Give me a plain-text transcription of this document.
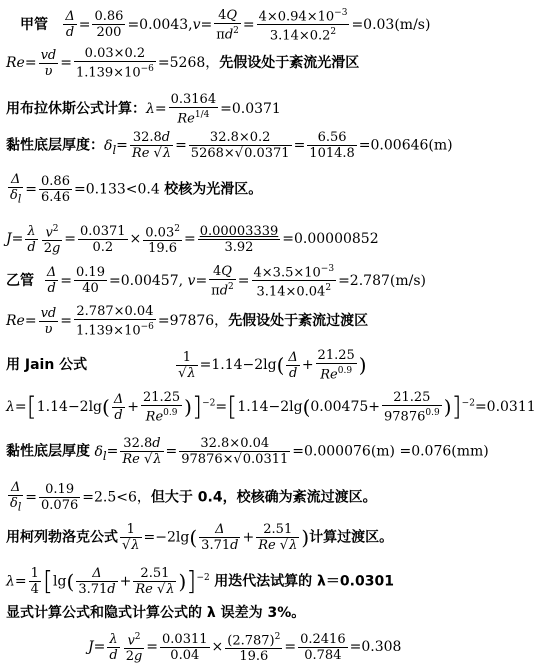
甲管 $\frac{\Delta}{d} = \frac{0.86}{200} =0.0043,v= \frac{4Q}{\pi d^2} = \frac{4\times 0.94\times 10^{-3}}{3.14\times 0.2^2} =0.03(m/s)$
$Re= \frac{vd}{\upsilon} = \frac{0.03\times 0.2}{1.139\times 10^{-6}} =5268$，先假设处于紊流光滑区
用布拉休斯公式计算：$\lambda= \frac{0.3164}{Re^{1/4}} =0.0371$
黏性底层厚度：$\delta_l= \frac{32.8d}{Re √\lambda} = \frac{32.8\times 0.2}{5268\times√0.0371} = \frac{6.56}{1014.8} =0.00646(m)$
$\frac{\Delta}{\delta_l} = \frac{0.86}{6.46} =0.133<0.4$ 校核为光滑区。
$J= \frac{\lambda}{d} \frac{v^2}{2g} = \frac{0.0371}{0.2} \times \frac{0.03^2}{19.6} = \frac{0.00003339}{3.92} =0.00000852$
乙管 $\frac{\Delta}{d} = \frac{0.19}{40} =0.00457$, $v= \frac{4Q}{\pi d^2} = \frac{4\times 3.5\times 10^{-3}}{3.14\times 0.04^2} =2.787(m/s)$
$Re= \frac{vd}{\upsilon} = \frac{2.787\times 0.04}{1.139\times 10^{-6}} =97876$，先假设处于紊流过渡区
用 Jain 公式	$\frac{1}{√\lambda} =1.14-2\lg( \frac{\Delta}{d} + \frac{21.25}{Re^{0.9}}$ )
$\lambda=[1.14-2\lg( \frac{\Delta}{d} + \frac{21.25}{Re^{0.9}} )]^{-2}=[1.14-2\lg(0.00475+ \frac{21.25}{97876^{0.9}} )]^{-2}=0.0311$
黏性底层厚度 $\delta_l= \frac{32.8d}{Re √\lambda} = \frac{32.8\times 0.04}{97876\times√0.0311} =0.000076(m) =0.076(mm)$
$\frac{\Delta}{\delta_l} = \frac{0.19}{0.076} =2.5<6$，但大于 0.4，校核确为紊流过渡区。
用柯列勃洛克公式 $\frac{1}{√\lambda} =-2\lg( \frac{\Delta}{3.71d} + \frac{2.51}{Re √\lambda}$ )计算过渡区。
$\lambda= \frac{1}{4} [\lg( \frac{\Delta}{3.71d} + \frac{2.51}{Re √\lambda} )]^{-2}$ 用迭代法试算的 λ＝0.0301
显式计算公式和隐式计算公式的 λ 误差为 3%。
$J= \frac{\lambda}{d} \frac{v^2}{2g} = \frac{0.0311}{0.04} \times \frac{(2.787)^2}{19.6} = \frac{0.2416}{0.784} =0.308$
